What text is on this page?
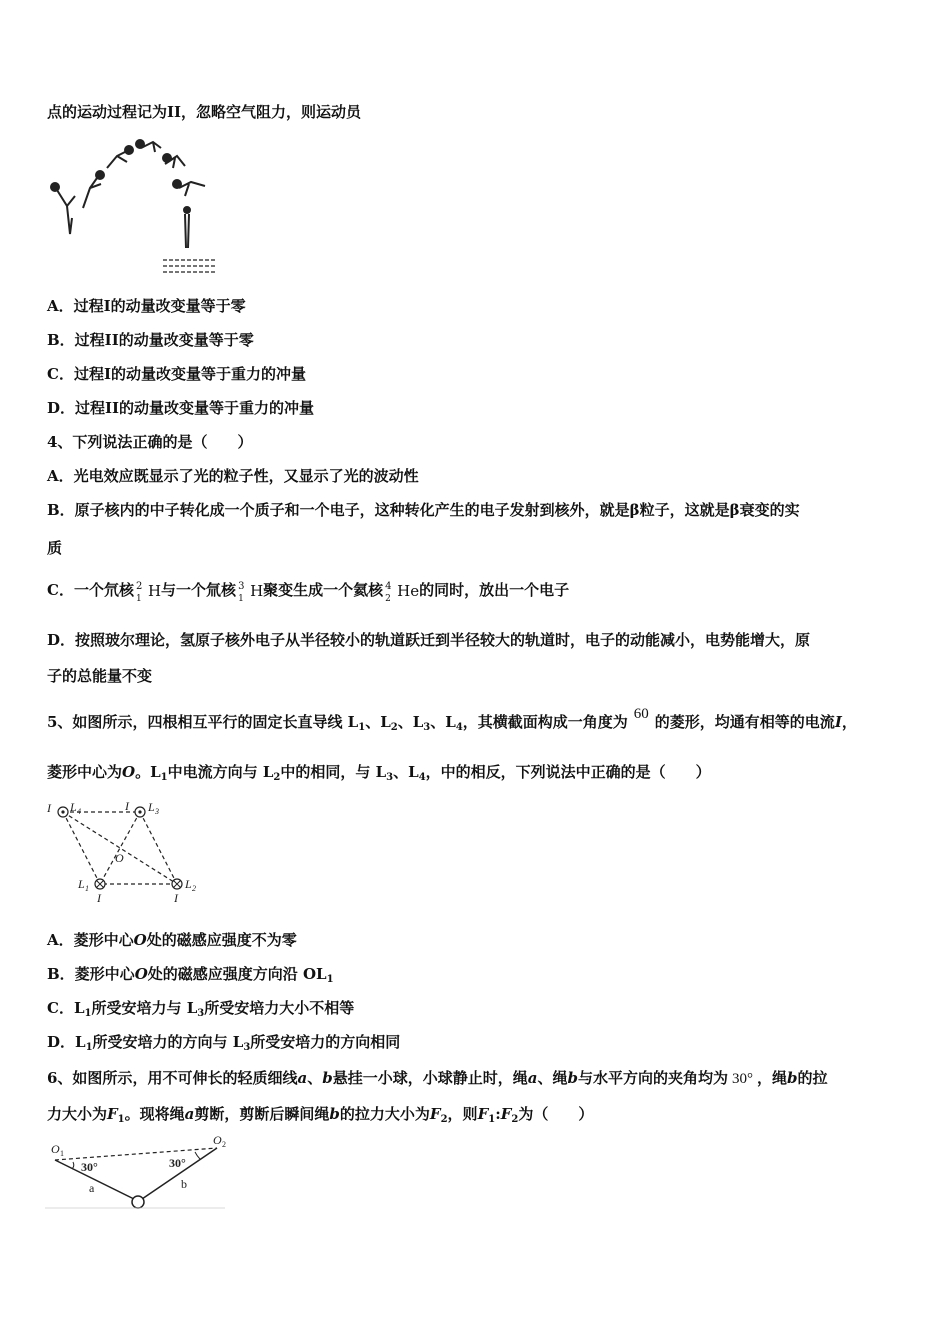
点的运动过程记为II，忽略空气阻力，则运动员
A．过程I的动量改变量等于零
B．过程II的动量改变量等于零
C．过程I的动量改变量等于重力的冲量
D．过程II的动量改变量等于重力的冲量
4、下列说法正确的是（　　）
A．光电效应既显示了光的粒子性，又显示了光的波动性
B．原子核内的中子转化成一个质子和一个电子，这种转化产生的电子发射到核外，就是β粒子，这就是β衰变的实
质
C．一个氘核 2
1 H与一个氚核 3
1 H聚变生成一个氦核 4
2 He的同时，放出一个电子
D．按照玻尔理论，氢原子核外电子从半径较小的轨道跃迁到半径较大的轨道时，电子的动能减小，电势能增大，原
子的总能量不变
5、如图所示，四根相互平行的固定长直导线 $L_1$、$L_2$、$L_3$、$L_4$，其横截面构成一角度为 60 的菱形，均通有相等的电流I，
菱形中心为O。$L_1$中电流方向与 $L_2$中的相同，与 $L_3$、$L_4$，中的相反，下列说法中正确的是（　　）
I L 4	I L 3
O
L 1
I
L 2
I
A．菱形中心O处的磁感应强度不为零
B．菱形中心O处的磁感应强度方向沿 $OL_1$
C．$L_1$所受安培力与 $L_3$所受安培力大小不相等
D．$L_1$所受安培力的方向与 $L_3$所受安培力的方向相同
6、如图所示，用不可伸长的轻质细线a、b悬挂一小球，小球静止时，绳a、绳b与水平方向的夹角均为 30° ，绳b的拉
力大小为$F_1$。现将绳a剪断，剪断后瞬间绳b的拉力大小为$F_2$，则$F_1:F_2$为（　　）
O 1
O 2
30°	30°
a	b
